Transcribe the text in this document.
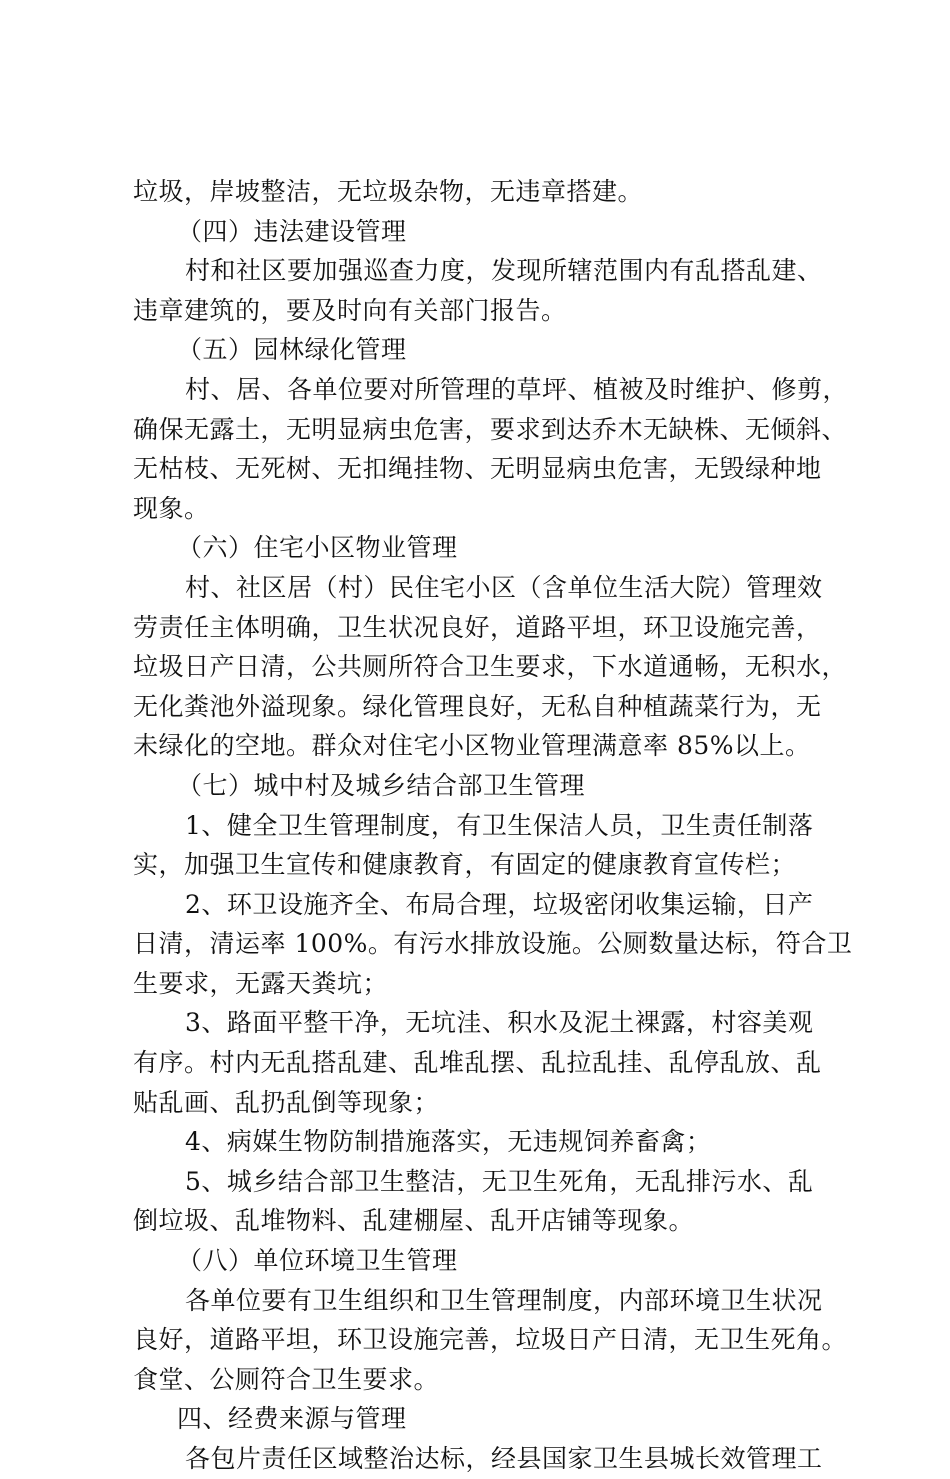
垃圾，岸坡整洁，无垃圾杂物，无违章搭建。
（四）违法建设管理
村和社区要加强巡查力度，发现所辖范围内有乱搭乱建、
违章建筑的，要及时向有关部门报告。
（五）园林绿化管理
村、居、各单位要对所管理的草坪、植被及时维护、修剪，
确保无露土，无明显病虫危害，要求到达乔木无缺株、无倾斜、
无枯枝、无死树、无扣绳挂物、无明显病虫危害，无毁绿种地
现象。
（六）住宅小区物业管理
村、社区居（村）民住宅小区（含单位生活大院）管理效
劳责任主体明确，卫生状况良好，道路平坦，环卫设施完善，
垃圾日产日清，公共厕所符合卫生要求，下水道通畅，无积水，
无化粪池外溢现象。绿化管理良好，无私自种植蔬菜行为，无
未绿化的空地。群众对住宅小区物业管理满意率 85%以上。
（七）城中村及城乡结合部卫生管理
1、健全卫生管理制度，有卫生保洁人员，卫生责任制落
实，加强卫生宣传和健康教育，有固定的健康教育宣传栏；
2、环卫设施齐全、布局合理，垃圾密闭收集运输，日产
日清，清运率 100%。有污水排放设施。公厕数量达标，符合卫
生要求，无露天粪坑；
3、路面平整干净，无坑洼、积水及泥土裸露，村容美观
有序。村内无乱搭乱建、乱堆乱摆、乱拉乱挂、乱停乱放、乱
贴乱画、乱扔乱倒等现象；
4、病媒生物防制措施落实，无违规饲养畜禽；
5、城乡结合部卫生整洁，无卫生死角，无乱排污水、乱
倒垃圾、乱堆物料、乱建棚屋、乱开店铺等现象。
（八）单位环境卫生管理
各单位要有卫生组织和卫生管理制度，内部环境卫生状况
良好，道路平坦，环卫设施完善，垃圾日产日清，无卫生死角。
食堂、公厕符合卫生要求。
四、经费来源与管理
各包片责任区域整治达标，经县国家卫生县城长效管理工
